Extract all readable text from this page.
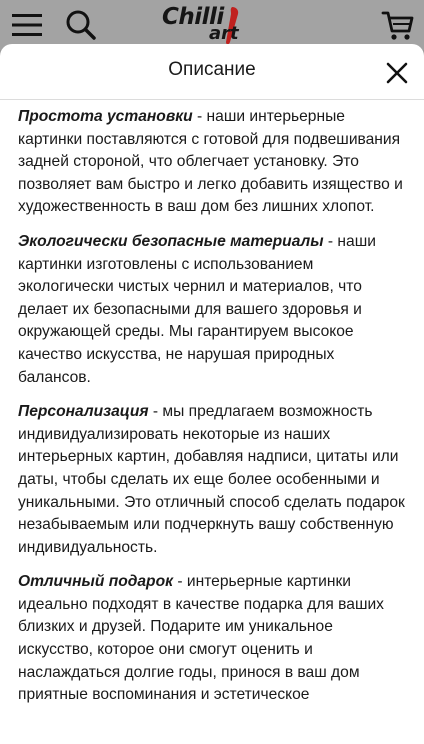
Chilli
art
Описание

Простота установки - наши интерьерные картинки поставляются с готовой для подвешивания задней стороной, что облегчает установку. Это позволяет вам быстро и легко добавить изящество и художественность в ваш дом без лишних хлопот.

Экологически безопасные материалы - наши картинки изготовлены с использованием экологически чистых чернил и материалов, что делает их безопасными для вашего здоровья и окружающей среды. Мы гарантируем высокое качество искусства, не нарушая природных балансов.

Персонализация - мы предлагаем возможность индивидуализировать некоторые из наших интерьерных картин, добавляя надписи, цитаты или даты, чтобы сделать их еще более особенными и уникальными. Это отличный способ сделать подарок незабываемым или подчеркнуть вашу собственную индивидуальность.

Отличный подарок - интерьерные картинки идеально подходят в качестве подарка для ваших близких и друзей. Подарите им уникальное искусство, которое они смогут оценить и наслаждаться долгие годы, принося в ваш дом приятные воспоминания и эстетическое
